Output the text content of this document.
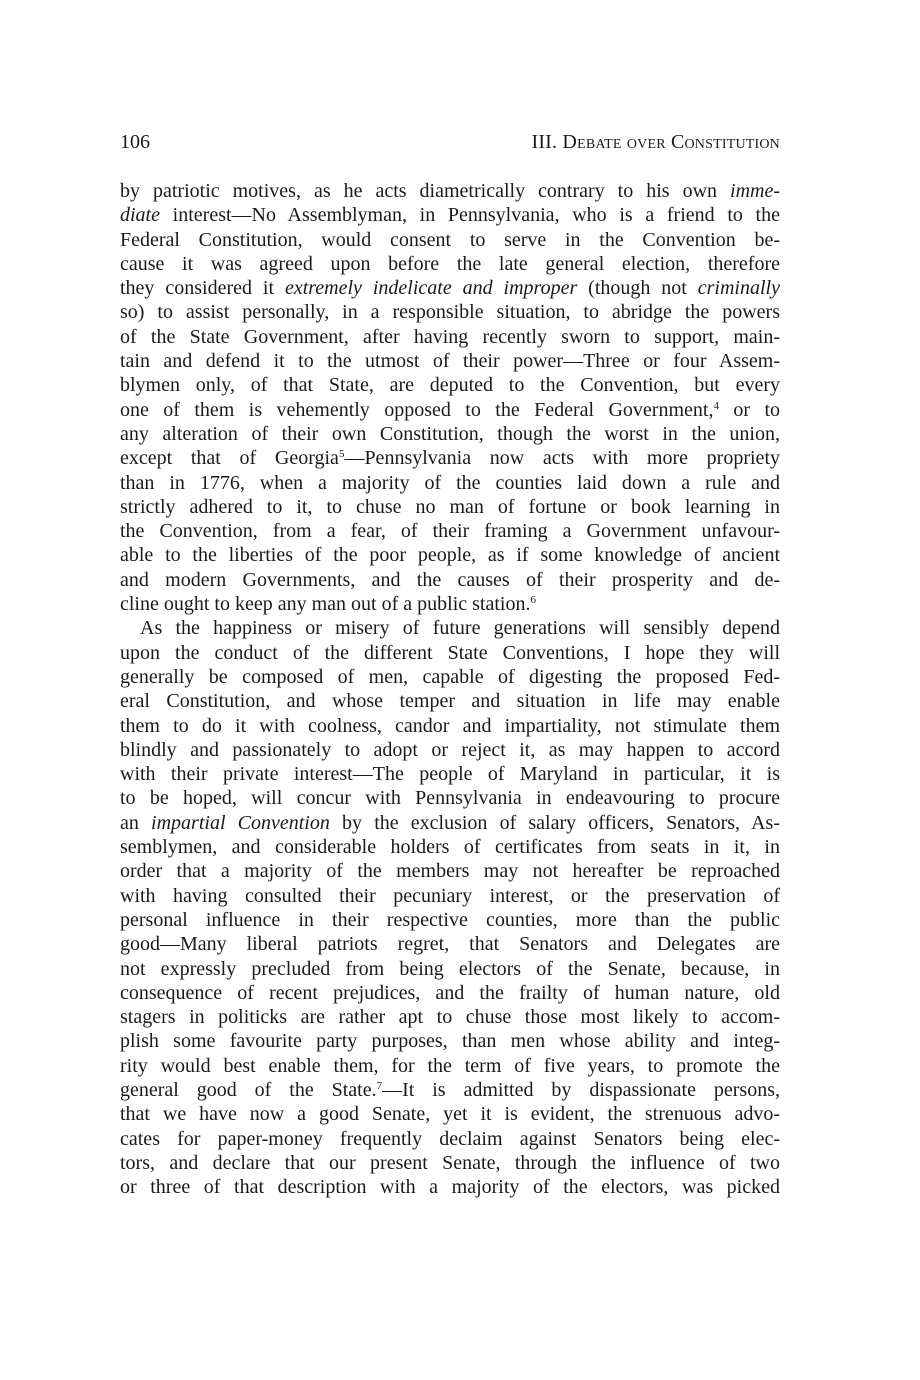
106	III. Debate over Constitution
by patriotic motives, as he acts diametrically contrary to his own imme-
diate interest—No Assemblyman, in Pennsylvania, who is a friend to the
Federal Constitution, would consent to serve in the Convention be-
cause it was agreed upon before the late general election, therefore
they considered it extremely indelicate and improper (though not criminally
so) to assist personally, in a responsible situation, to abridge the powers
of the State Government, after having recently sworn to support, main-
tain and defend it to the utmost of their power—Three or four Assem-
blymen only, of that State, are deputed to the Convention, but every
one of them is vehemently opposed to the Federal Government,$^4$ or to
any alteration of their own Constitution, though the worst in the union,
except that of Georgia$^5$—Pennsylvania now acts with more propriety
than in 1776, when a majority of the counties laid down a rule and
strictly adhered to it, to chuse no man of fortune or book learning in
the Convention, from a fear, of their framing a Government unfavour-
able to the liberties of the poor people, as if some knowledge of ancient
and modern Governments, and the causes of their prosperity and de-
cline ought to keep any man out of a public station.$^6$
As the happiness or misery of future generations will sensibly depend
upon the conduct of the different State Conventions, I hope they will
generally be composed of men, capable of digesting the proposed Fed-
eral Constitution, and whose temper and situation in life may enable
them to do it with coolness, candor and impartiality, not stimulate them
blindly and passionately to adopt or reject it, as may happen to accord
with their private interest—The people of Maryland in particular, it is
to be hoped, will concur with Pennsylvania in endeavouring to procure
an impartial Convention by the exclusion of salary officers, Senators, As-
semblymen, and considerable holders of certificates from seats in it, in
order that a majority of the members may not hereafter be reproached
with having consulted their pecuniary interest, or the preservation of
personal influence in their respective counties, more than the public
good—Many liberal patriots regret, that Senators and Delegates are
not expressly precluded from being electors of the Senate, because, in
consequence of recent prejudices, and the frailty of human nature, old
stagers in politicks are rather apt to chuse those most likely to accom-
plish some favourite party purposes, than men whose ability and integ-
rity would best enable them, for the term of five years, to promote the
general good of the State.$^7$—It is admitted by dispassionate persons,
that we have now a good Senate, yet it is evident, the strenuous advo-
cates for paper-money frequently declaim against Senators being elec-
tors, and declare that our present Senate, through the influence of two
or three of that description with a majority of the electors, was picked
